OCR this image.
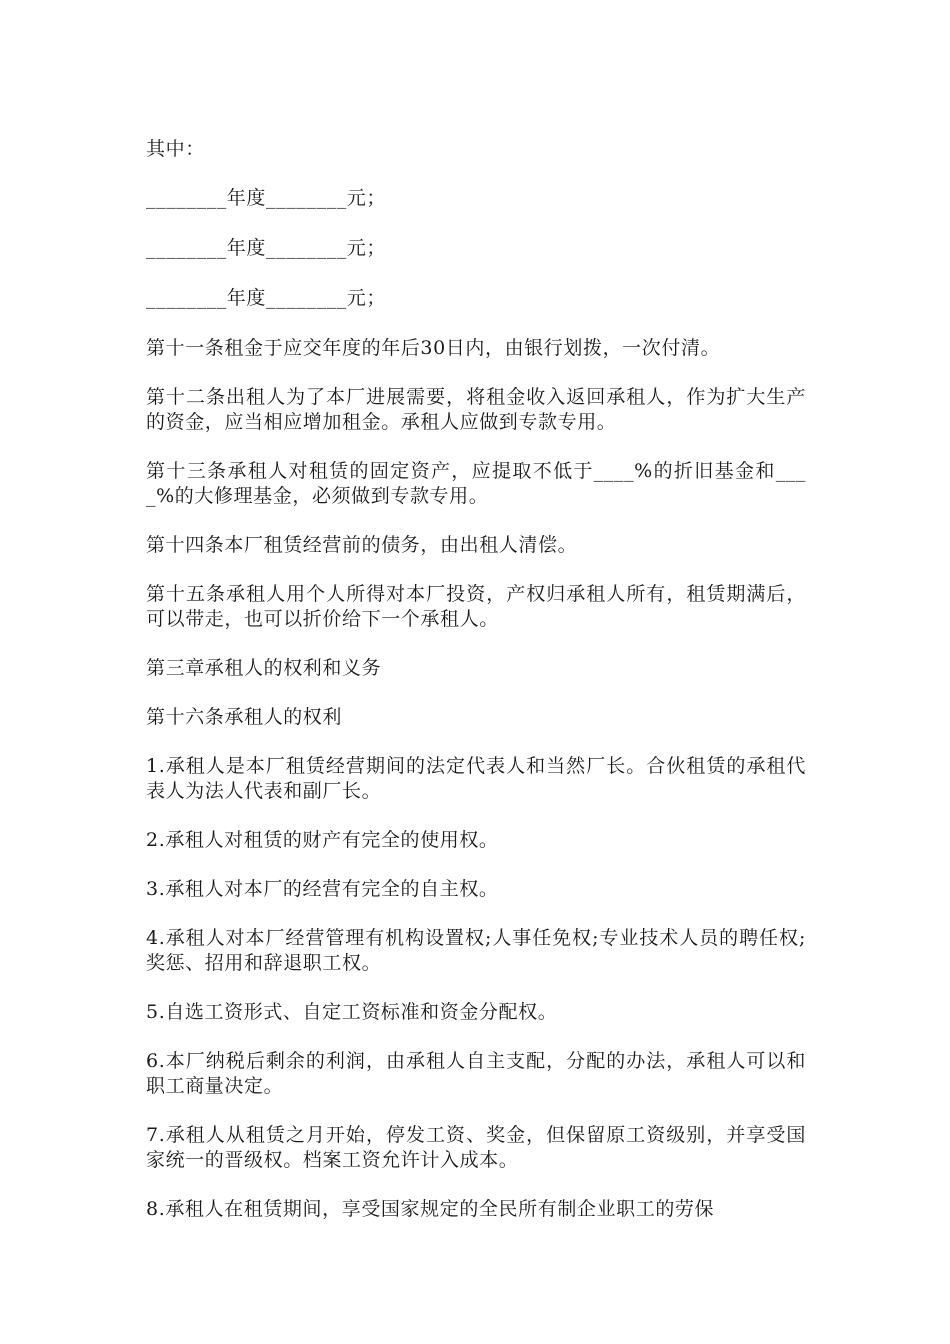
其中：

________年度________元；

________年度________元；

________年度________元；

第十一条租金于应交年度的年后30日内，由银行划拨，一次付清。

第十二条出租人为了本厂进展需要，将租金收入返回承租人，作为扩大生产的资金，应当相应增加租金。承租人应做到专款专用。

第十三条承租人对租赁的固定资产，应提取不低于____%的折旧基金和____%的大修理基金，必须做到专款专用。

第十四条本厂租赁经营前的债务，由出租人清偿。

第十五条承租人用个人所得对本厂投资，产权归承租人所有，租赁期满后，可以带走，也可以折价给下一个承租人。

第三章承租人的权利和义务

第十六条承租人的权利

1.承租人是本厂租赁经营期间的法定代表人和当然厂长。合伙租赁的承租代表人为法人代表和副厂长。

2.承租人对租赁的财产有完全的使用权。

3.承租人对本厂的经营有完全的自主权。

4.承租人对本厂经营管理有机构设置权;人事任免权;专业技术人员的聘任权;奖惩、招用和辞退职工权。

5.自选工资形式、自定工资标准和资金分配权。

6.本厂纳税后剩余的利润，由承租人自主支配，分配的办法，承租人可以和职工商量决定。

7.承租人从租赁之月开始，停发工资、奖金，但保留原工资级别，并享受国家统一的晋级权。档案工资允许计入成本。

8.承租人在租赁期间，享受国家规定的全民所有制企业职工的劳保
